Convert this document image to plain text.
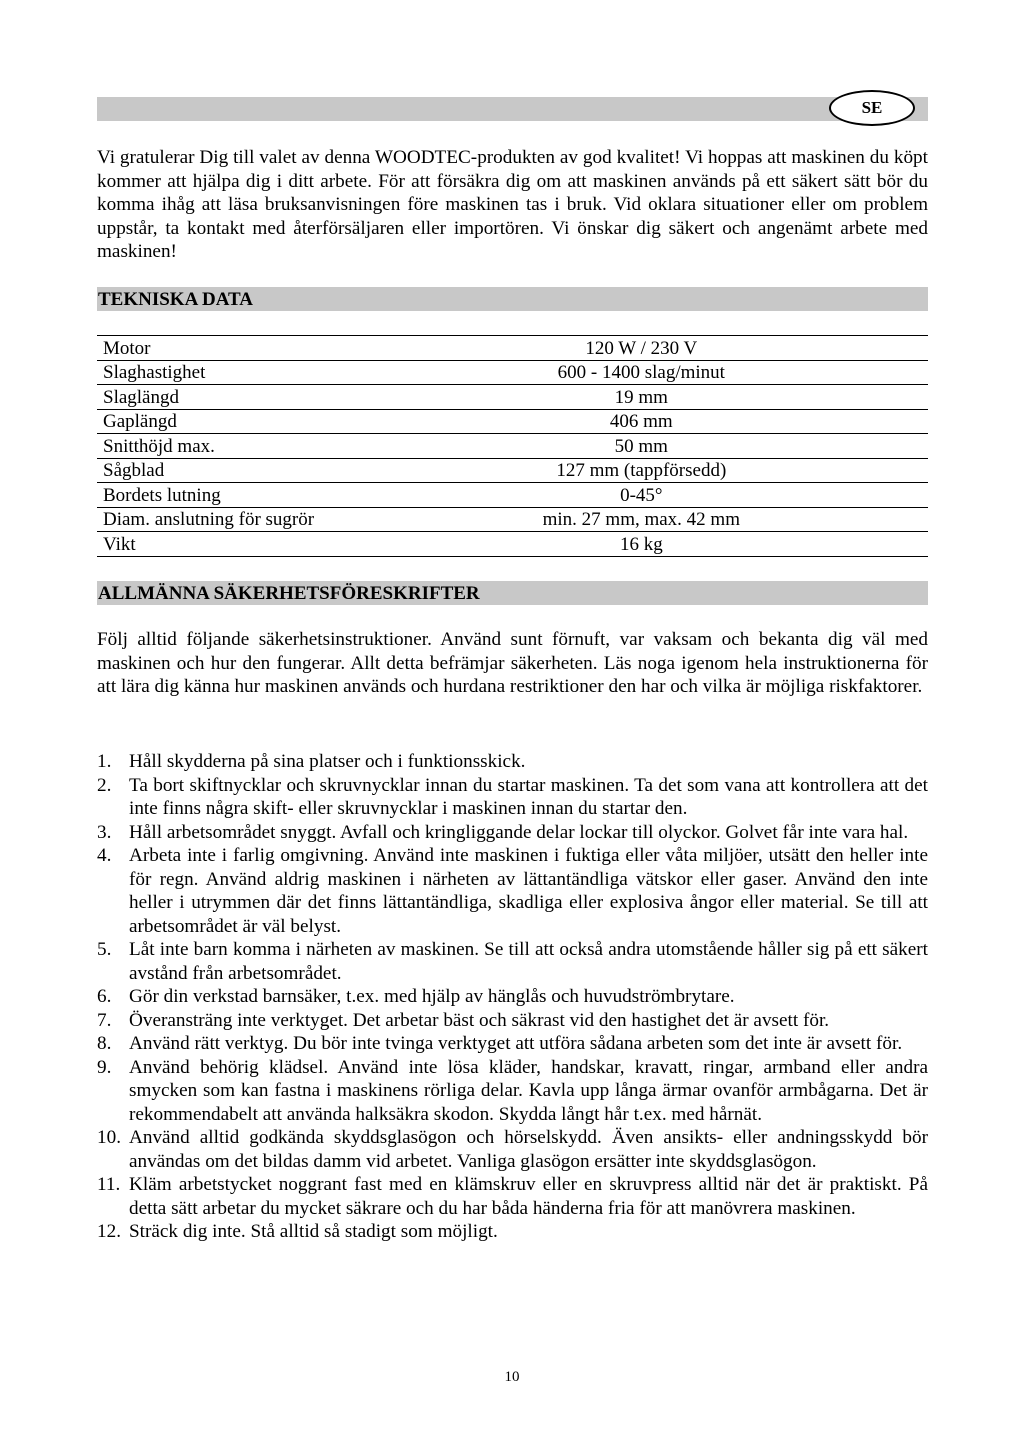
SE

Vi gratulerar Dig till valet av denna WOODTEC-produkten av god kvalitet! Vi hoppas att maskinen du köpt kommer att hjälpa dig i ditt arbete. För att försäkra dig om att maskinen används på ett säkert sätt bör du komma ihåg att läsa bruksanvisningen före maskinen tas i bruk. Vid oklara situationer eller om problem uppstår, ta kontakt med återförsäljaren eller importören. Vi önskar dig säkert och angenämt arbete med maskinen!

TEKNISKA DATA
Motor	120 W / 230 V
Slaghastighet	600 - 1400 slag/minut
Slaglängd	19 mm
Gaplängd	406 mm
Snitthöjd max.	50 mm
Sågblad	127 mm (tappförsedd)
Bordets lutning	0-45°
Diam. anslutning för sugrör	min. 27 mm, max. 42 mm
Vikt	16 kg
ALLMÄNNA SÄKERHETSFÖRESKRIFTER

Följ alltid följande säkerhetsinstruktioner. Använd sunt förnuft, var vaksam och bekanta dig väl med maskinen och hur den fungerar. Allt detta befrämjar säkerheten. Läs noga igenom hela instruktionerna för att lära dig känna hur maskinen används och hurdana restriktioner den har och vilka är möjliga riskfaktorer.

1. Håll skydderna på sina platser och i funktionsskick.
2. Ta bort skiftnycklar och skruvnycklar innan du startar maskinen. Ta det som vana att kontrollera att det inte finns några skift- eller skruvnycklar i maskinen innan du startar den.
3. Håll arbetsområdet snyggt. Avfall och kringliggande delar lockar till olyckor. Golvet får inte vara hal.
4. Arbeta inte i farlig omgivning. Använd inte maskinen i fuktiga eller våta miljöer, utsätt den heller inte för regn. Använd aldrig maskinen i närheten av lättantändliga vätskor eller gaser. Använd den inte heller i utrymmen där det finns lättantändliga, skadliga eller explosiva ångor eller material. Se till att arbetsområdet är väl belyst.
5. Låt inte barn komma i närheten av maskinen. Se till att också andra utomstående håller sig på ett säkert avstånd från arbetsområdet.
6. Gör din verkstad barnsäker, t.ex. med hjälp av hänglås och huvudströmbrytare.
7. Överansträng inte verktyget. Det arbetar bäst och säkrast vid den hastighet det är avsett för.
8. Använd rätt verktyg. Du bör inte tvinga verktyget att utföra sådana arbeten som det inte är avsett för.
9. Använd behörig klädsel. Använd inte lösa kläder, handskar, kravatt, ringar, armband eller andra smycken som kan fastna i maskinens rörliga delar. Kavla upp långa ärmar ovanför armbågarna. Det är rekommendabelt att använda halksäkra skodon. Skydda långt hår t.ex. med hårnät.
10. Använd alltid godkända skyddsglasögon och hörselskydd. Även ansikts- eller andningsskydd bör användas om det bildas damm vid arbetet. Vanliga glasögon ersätter inte skyddsglasögon.
11. Kläm arbetstycket noggrant fast med en klämskruv eller en skruvpress alltid när det är praktiskt. På detta sätt arbetar du mycket säkrare och du har båda händerna fria för att manövrera maskinen.
12. Sträck dig inte. Stå alltid så stadigt som möjligt.
10
